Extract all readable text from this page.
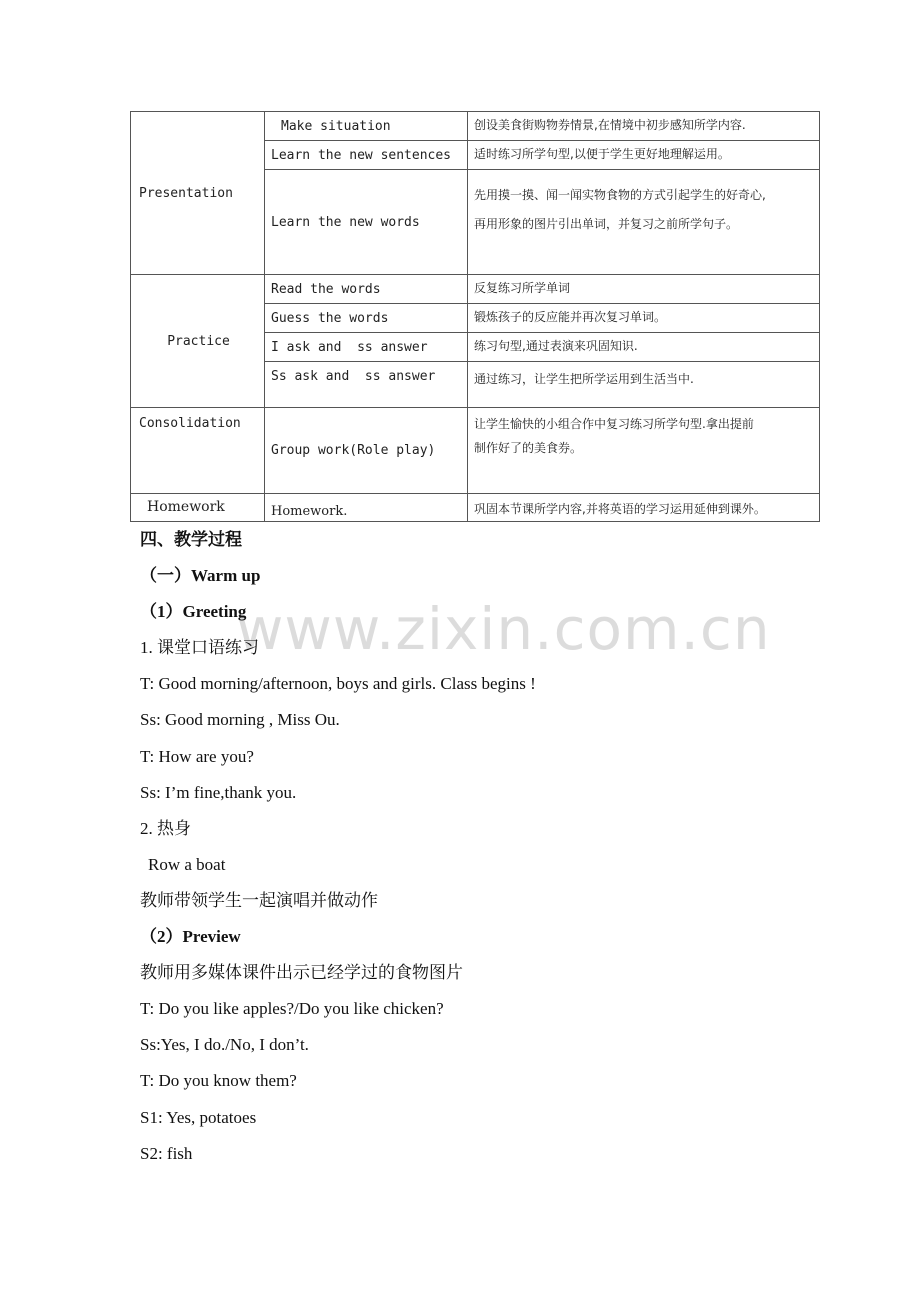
Presentation	Make situation	创设美食街购物券情景,在情境中初步感知所学内容.
	Learn the new sentences	适时练习所学句型,以便于学生更好地理解运用。
	Learn the new words	先用摸一摸、闻一闻实物食物的方式引起学生的好奇心,
再用形象的图片引出单词，并复习之前所学句子。

Practice	Read the words	反复练习所学单词
	Guess the words	锻炼孩子的反应能并再次复习单词。
	I ask and  ss answer	练习句型,通过表演来巩固知识.
	Ss ask and  ss answer	通过练习，让学生把所学运用到生活当中.
Consolidation	Group work(Role play)	让学生愉快的小组合作中复习练习所学句型.拿出提前
制作好了的美食券。

Homework	Homework.	巩固本节课所学内容,并将英语的学习运用延伸到课外。
www.zixin.com.cn
四、教学过程
（一）Warm up
（1）Greeting
1. 课堂口语练习
T: Good morning/afternoon, boys and girls. Class begins !
Ss: Good morning , Miss Ou.
T: How are you?
Ss: I’m fine,thank you.
2. 热身
Row a boat
教师带领学生一起演唱并做动作
（2）Preview
教师用多媒体课件出示已经学过的食物图片
T: Do you like apples?/Do you like chicken?
Ss:Yes, I do./No, I don’t.
T: Do you know them?
S1: Yes, potatoes
S2: fish
